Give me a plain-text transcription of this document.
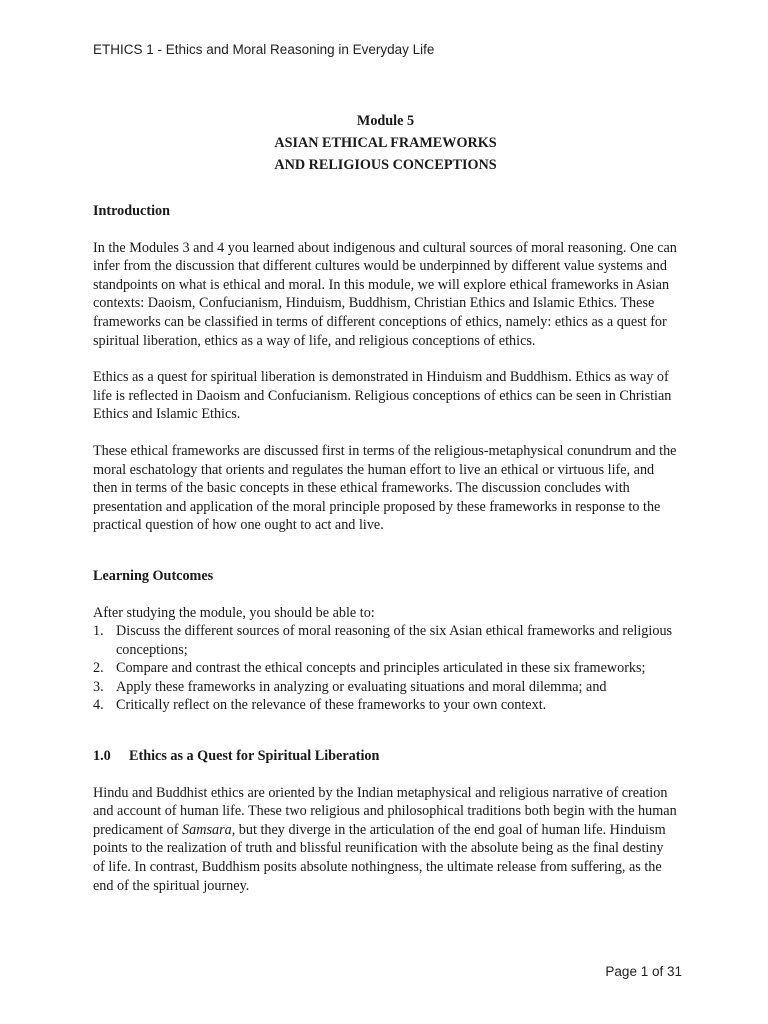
ETHICS 1 - Ethics and Moral Reasoning in Everyday Life
Module 5
ASIAN ETHICAL FRAMEWORKS
AND RELIGIOUS CONCEPTIONS
Introduction

In the Modules 3 and 4 you learned about indigenous and cultural sources of moral reasoning. One can infer from the discussion that different cultures would be underpinned by different value systems and standpoints on what is ethical and moral. In this module, we will explore ethical frameworks in Asian contexts: Daoism, Confucianism, Hinduism, Buddhism, Christian Ethics and Islamic Ethics. These frameworks can be classified in terms of different conceptions of ethics, namely: ethics as a quest for spiritual liberation, ethics as a way of life, and religious conceptions of ethics.

Ethics as a quest for spiritual liberation is demonstrated in Hinduism and Buddhism. Ethics as way of life is reflected in Daoism and Confucianism. Religious conceptions of ethics can be seen in Christian Ethics and Islamic Ethics.

These ethical frameworks are discussed first in terms of the religious-metaphysical conundrum and the moral eschatology that orients and regulates the human effort to live an ethical or virtuous life, and then in terms of the basic concepts in these ethical frameworks. The discussion concludes with presentation and application of the moral principle proposed by these frameworks in response to the practical question of how one ought to act and live.

Learning Outcomes

After studying the module, you should be able to:

1. Discuss the different sources of moral reasoning of the six Asian ethical frameworks and religious conceptions;
2. Compare and contrast the ethical concepts and principles articulated in these six frameworks;
3. Apply these frameworks in analyzing or evaluating situations and moral dilemma; and
4. Critically reflect on the relevance of these frameworks to your own context.
1.0 Ethics as a Quest for Spiritual Liberation

Hindu and Buddhist ethics are oriented by the Indian metaphysical and religious narrative of creation and account of human life. These two religious and philosophical traditions both begin with the human predicament of Samsara, but they diverge in the articulation of the end goal of human life. Hinduism points to the realization of truth and blissful reunification with the absolute being as the final destiny of life. In contrast, Buddhism posits absolute nothingness, the ultimate release from suffering, as the end of the spiritual journey.

Page 1 of 31
